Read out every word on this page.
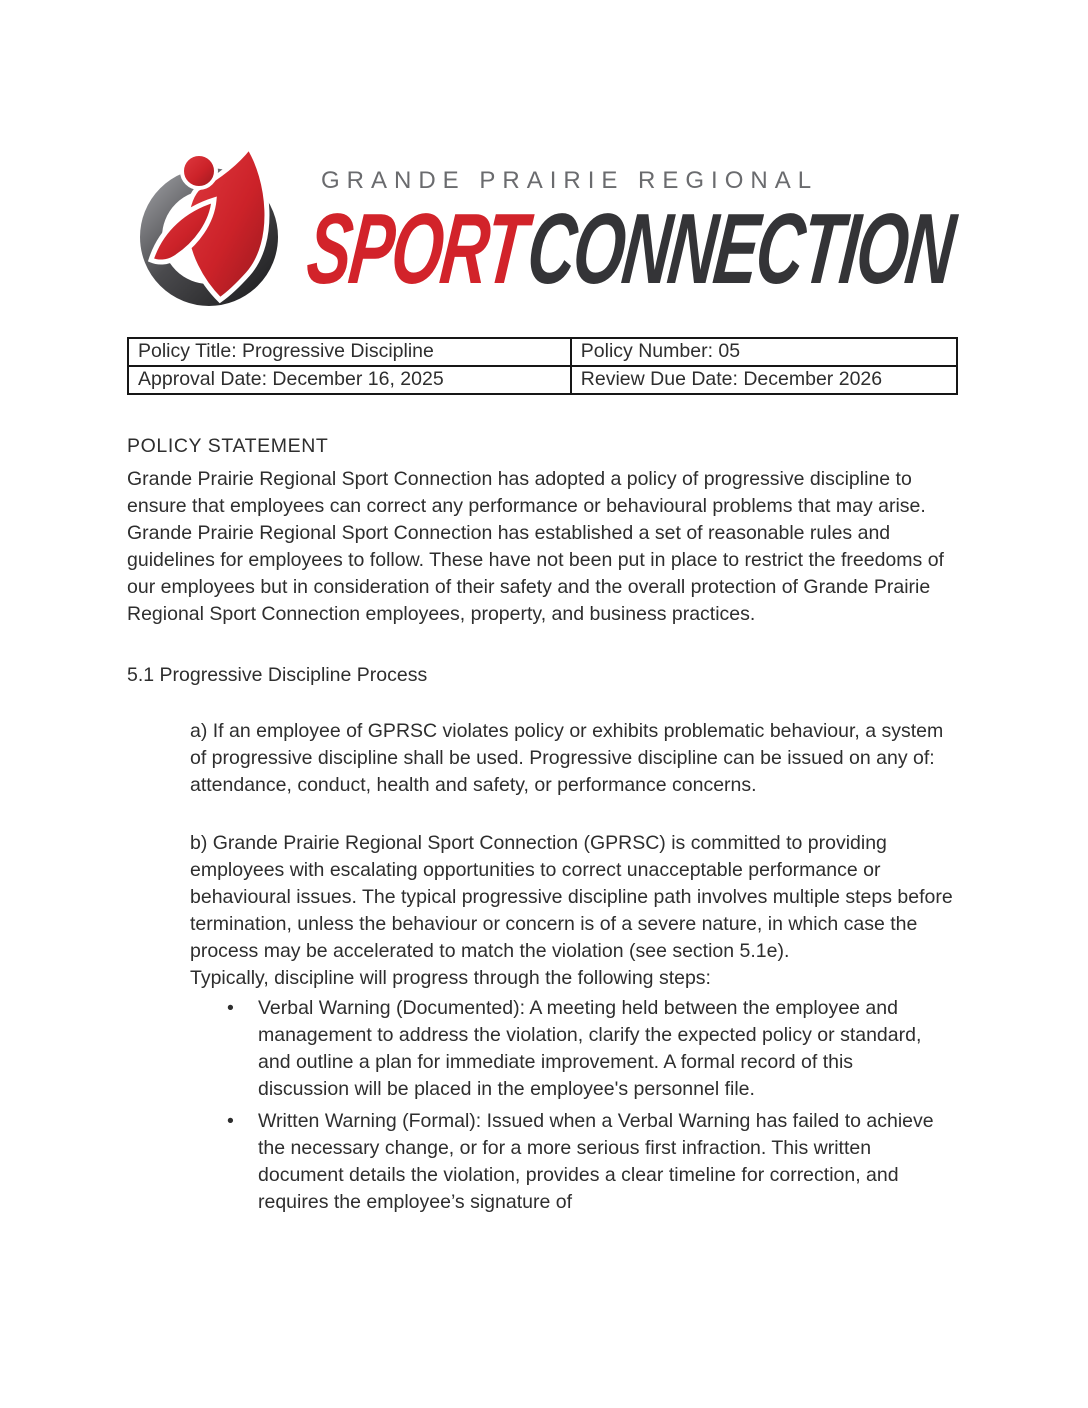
GRANDE PRAIRIE REGIONAL
SPORTCONNECTION
Policy Title: Progressive Discipline	Policy Number: 05
Approval Date: December 16, 2025	Review Due Date: December 2026
POLICY STATEMENT

Grande Prairie Regional Sport Connection has adopted a policy of progressive discipline to ensure that employees can correct any performance or behavioural problems that may arise. Grande Prairie Regional Sport Connection has established a set of reasonable rules and guidelines for employees to follow. These have not been put in place to restrict the freedoms of our employees but in consideration of their safety and the overall protection of Grande Prairie Regional Sport Connection employees, property, and business practices.

5.1 Progressive Discipline Process

a) If an employee of GPRSC violates policy or exhibits problematic behaviour, a system of progressive discipline shall be used. Progressive discipline can be issued on any of: attendance, conduct, health and safety, or performance concerns.

b) Grande Prairie Regional Sport Connection (GPRSC) is committed to providing employees with escalating opportunities to correct unacceptable performance or behavioural issues. The typical progressive discipline path involves multiple steps before termination, unless the behaviour or concern is of a severe nature, in which case the process may be accelerated to match the violation (see section 5.1e).

Typically, discipline will progress through the following steps:

• Verbal Warning (Documented): A meeting held between the employee and management to address the violation, clarify the expected policy or standard, and outline a plan for immediate improvement. A formal record of this discussion will be placed in the employee's personnel file.
• Written Warning (Formal): Issued when a Verbal Warning has failed to achieve the necessary change, or for a more serious first infraction. This written document details the violation, provides a clear timeline for correction, and requires the employee’s signature of
